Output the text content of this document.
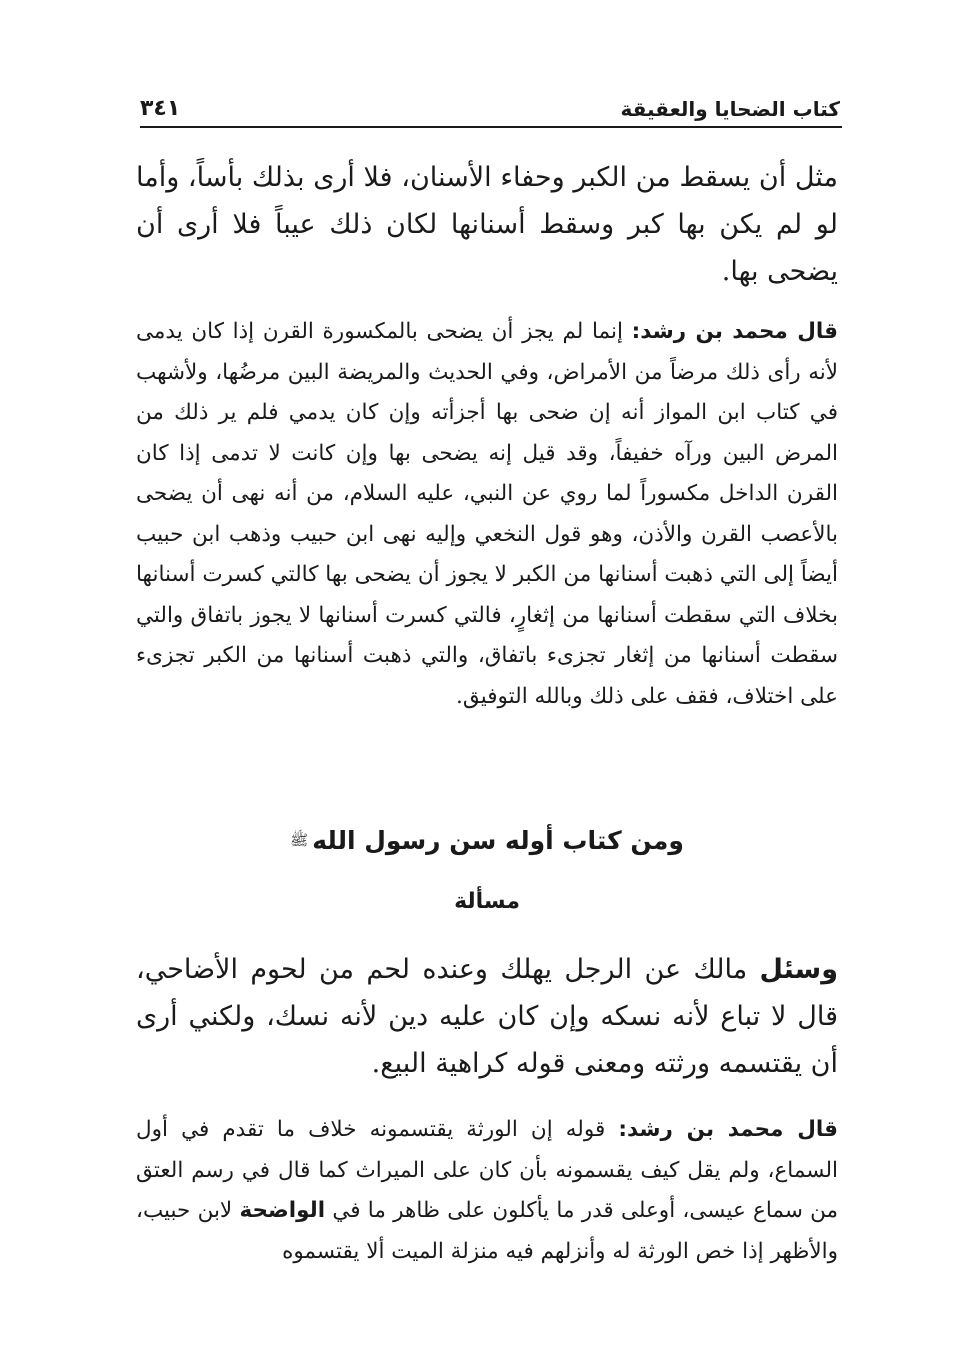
كتاب الضحايا والعقيقة
٣٤١
مثل أن يسقط من الكبر وحفاء الأسنان، فلا أرى بذلك بأساً، وأما لو لم يكن بها كبر وسقط أسنانها لكان ذلك عيباً فلا أرى أن يضحى بها.
قال محمد بن رشد: إنما لم يجز أن يضحى بالمكسورة القرن إذا كان يدمى لأنه رأى ذلك مرضاً من الأمراض، وفي الحديث والمريضة البين مرضُها، ولأشهب في كتاب ابن المواز أنه إن ضحى بها أجزأته وإن كان يدمي فلم ير ذلك من المرض البين ورآه خفيفاً، وقد قيل إنه يضحى بها وإن كانت لا تدمى إذا كان القرن الداخل مكسوراً لما روي عن النبي، عليه السلام، من أنه نهى أن يضحى بالأعصب القرن والأذن، وهو قول النخعي وإليه نهى ابن حبيب وذهب ابن حبيب أيضاً إلى التي ذهبت أسنانها من الكبر لا يجوز أن يضحى بها كالتي كسرت أسنانها بخلاف التي سقطت أسنانها من إثغارٍ، فالتي كسرت أسنانها لا يجوز باتفاق والتي سقطت أسنانها من إثغار تجزىء باتفاق، والتي ذهبت أسنانها من الكبر تجزىء على اختلاف، فقف على ذلك وبالله التوفيق.
ومن كتاب أوله سن رسول اللهﷺ
مسألة
وسئل مالك عن الرجل يهلك وعنده لحم من لحوم الأضاحي، قال لا تباع لأنه نسكه وإن كان عليه دين لأنه نسك، ولكني أرى أن يقتسمه ورثته ومعنى قوله كراهية البيع.
قال محمد بن رشد: قوله إن الورثة يقتسمونه خلاف ما تقدم في أول السماع، ولم يقل كيف يقسمونه بأن كان على الميراث كما قال في رسم العتق من سماع عيسى، أوعلى قدر ما يأكلون على ظاهر ما في الواضحة لابن حبيب، والأظهر إذا خص الورثة له وأنزلهم فيه منزلة الميت ألا يقتسموه
